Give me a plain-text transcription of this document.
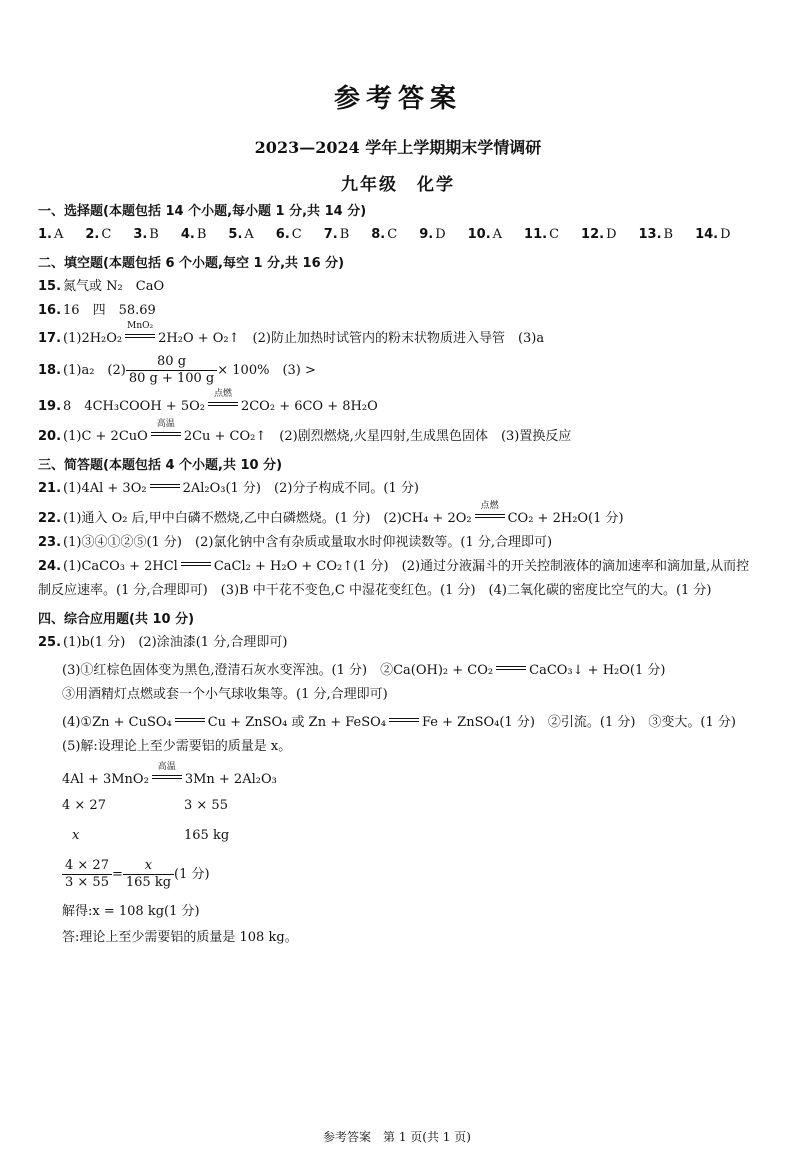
参考答案
2023—2024 学年上学期期末学情调研
九年级　化学
一、选择题(本题包括 14 个小题,每小题 1 分,共 14 分)
1. A 2. C 3. B 4. B 5. A 6. C 7. B 8. C 9. D 10. A 11. C 12. D 13. B 14. D
二、填空题(本题包括 6 个小题,每空 1 分,共 16 分)
15. 氮气或 N₂　CaO
16. 16　四　58.69
17. (1)2H₂O₂
MnO₂
2H₂O + O₂↑　(2)防止加热时试管内的粉末状物质进入导管　(3)a
18. (1)a₂　$(2) \frac{80 g}{80 g + 100 g} \times 100\%$　(3) >
19. 8　4CH₃COOH + 5O₂
点燃
2CO₂ + 6CO + 8H₂O
20. (1)C + 2CuO
高温
2Cu + CO₂↑　(2)剧烈燃烧,火星四射,生成黑色固体　(3)置换反应
三、简答题(本题包括 4 个小题,共 10 分)
21. (1)4Al + 3O₂	2Al₂O₃(1 分)　(2)分子构成不同。(1 分)
22. (1)通入 O₂ 后,甲中白磷不燃烧,乙中白磷燃烧。(1 分)　(2)CH₄ + 2O₂
点燃
CO₂ + 2H₂O(1 分)
23. (1)③④①②⑤(1 分)　(2)氯化钠中含有杂质或量取水时仰视读数等。(1 分,合理即可)
24. (1)CaCO₃ + 2HCl	CaCl₂ + H₂O + CO₂↑(1 分)　(2)通过分液漏斗的开关控制液体的滴加速率和滴加量,从而控制反应速率。(1 分,合理即可)　(3)B 中干花不变色,C 中湿花变红色。(1 分)　(4)二氧化碳的密度比空气的大。(1 分)
四、综合应用题(共 10 分)
25. (1)b(1 分)　(2)涂油漆(1 分,合理即可)
(3)①红棕色固体变为黑色,澄清石灰水变浑浊。(1 分)　②Ca(OH)₂ + CO₂	CaCO₃↓ + H₂O(1 分)
③用酒精灯点燃或套一个小气球收集等。(1 分,合理即可)
(4)①Zn + CuSO₄	Cu + ZnSO₄ 或 Zn + FeSO₄	Fe + ZnSO₄(1 分)　②引流。(1 分)　③变大。(1 分)
(5)解:设理论上至少需要铝的质量是 x。
4Al + 3MnO₂
高温
3Mn + 2Al₂O₃
4 × 27	3 × 55
x	165 kg
$\frac{4 \times 27}{3 \times 55} = \frac{x}{165 kg} (1$ 分)
解得:x = 108 kg(1 分)
答:理论上至少需要铝的质量是 108 kg。
参考答案　第 1 页(共 1 页)
